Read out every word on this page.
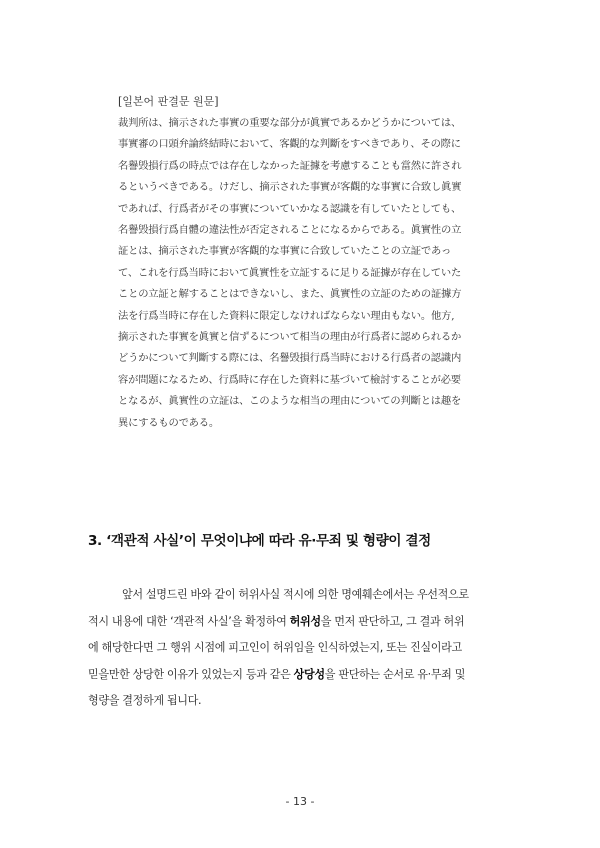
[일본어 판결문 원문]
裁判所は、摘示された事實の重要な部分が眞實であるかどうかについては、
事實審の口頭弁論終結時において、客觀的な判斷をすべきであり、その際に
名譽毁損行爲の時点では存在しなかった証據を考慮することも當然に許され
るというべきである。けだし、摘示された事實が客觀的な事實に合致し眞實
であれば、行爲者がその事實についていかなる認識を有していたとしても、
名譽毁損行爲自體の違法性が否定されることになるからである。眞實性の立
証とは、摘示された事實が客觀的な事實に合致していたことの立証であっ
て、これを行爲当時において眞實性を立証するに足りる証據が存在していた
ことの立証と解することはできないし、また、眞實性の立証のための証據方
法を行爲当時に存在した資料に限定しなければならない理由もない。他方,
摘示された事實を眞實と信ずるについて相当の理由が行爲者に認められるか
どうかについて判斷する際には、名譽毁損行爲当時における行爲者の認識内
容が問題になるため、行爲時に存在した資料に基づいて檢討することが必要
となるが、眞實性の立証は、このような相当の理由についての判斷とは趣を
異にするものである。
3. ‘객관적 사실’이 무엇이냐에 따라 유·무죄 및 형량이 결정
앞서 설명드린 바와 같이 허위사실 적시에 의한 명예훼손에서는 우선적으로
적시 내용에 대한 ‘객관적 사실’을 확정하여 허위성을 먼저 판단하고, 그 결과 허위
에 해당한다면 그 행위 시점에 피고인이 허위임을 인식하였는지, 또는 진실이라고
믿을만한 상당한 이유가 있었는지 등과 같은 상당성을 판단하는 순서로 유·무죄 및
형량을 결정하게 됩니다.
- 13 -
